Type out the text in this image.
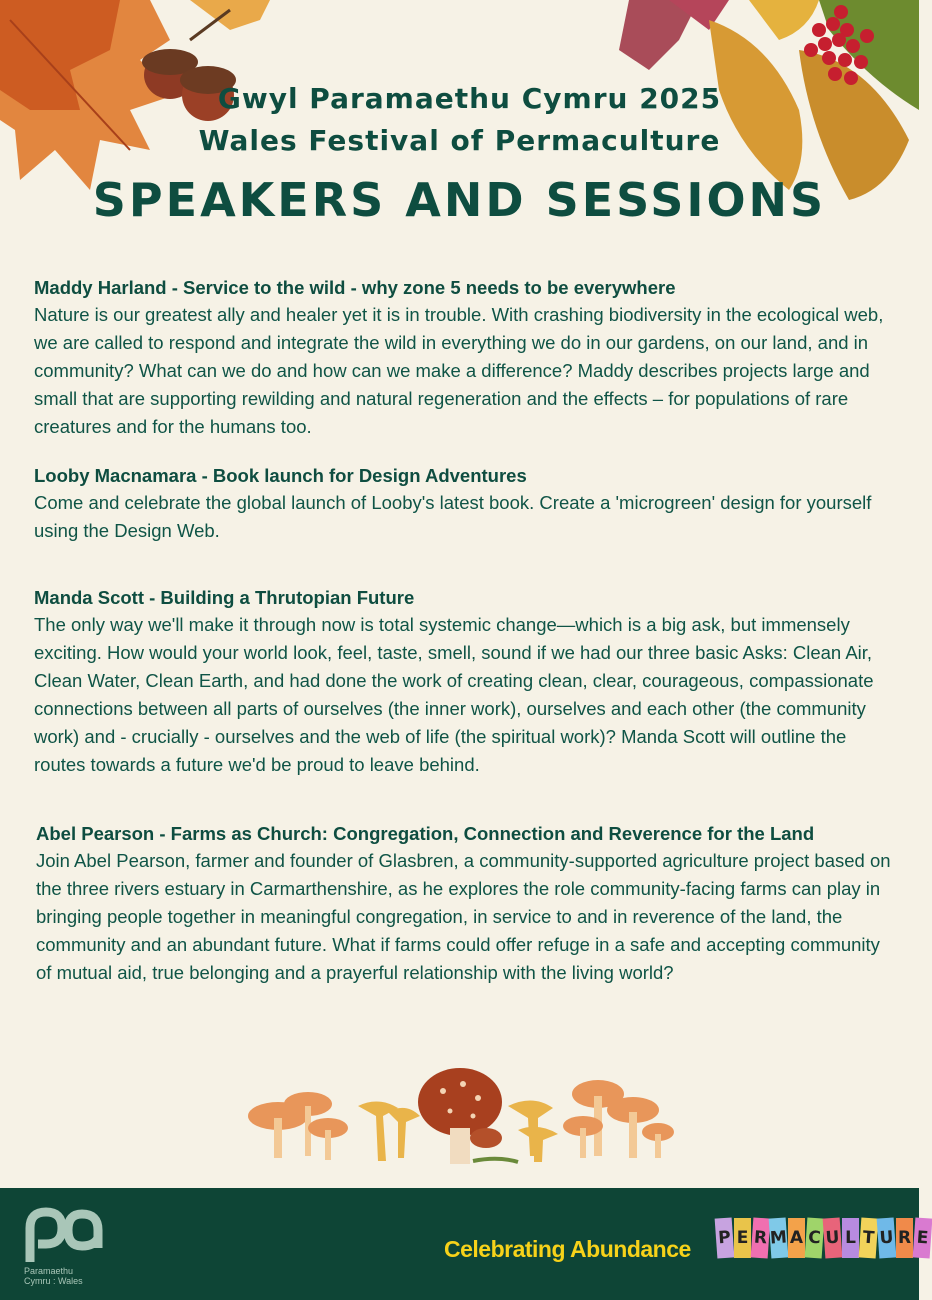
Gwyl Paramaethu Cymru 2025
Wales Festival of Permaculture
SPEAKERS AND SESSIONS
Maddy Harland - Service to the wild - why zone 5 needs to be everywhere
Nature is our greatest ally and healer yet it is in trouble. With crashing biodiversity in the ecological web, we are called to respond and integrate the wild in everything we do in our gardens, on our land, and in community? What can we do and how can we make a difference? Maddy describes projects large and small that are supporting rewilding and natural regeneration and the effects – for populations of rare creatures and for the humans too.
Looby Macnamara - Book launch for Design Adventures
Come and celebrate the global launch of Looby's latest book. Create a 'microgreen' design for yourself using the Design Web.
Manda Scott - Building a Thrutopian Future
The only way we'll make it through now is total systemic change—which is a big ask, but immensely exciting. How would your world look, feel, taste, smell, sound if we had our three basic Asks: Clean Air, Clean Water, Clean Earth, and had done the work of creating clean, clear, courageous, compassionate connections between all parts of ourselves (the inner work), ourselves and each other (the community work) and - crucially - ourselves and the web of life (the spiritual work)? Manda Scott will outline the routes towards a future we'd be proud to leave behind.
Abel Pearson - Farms as Church: Congregation, Connection and Reverence for the Land
Join Abel Pearson, farmer and founder of Glasbren, a community-supported agriculture project based on the three rivers estuary in Carmarthenshire, as he explores the role community-facing farms can play in bringing people together in meaningful congregation, in service to and in reverence of the land, the community and an abundant future. What if farms could offer refuge in a safe and accepting community of mutual aid, true belonging and a prayerful relationship with the living world?
Paramaethu
Cymru : Wales
Celebrating Abundance P E R M A C U L T U R E
